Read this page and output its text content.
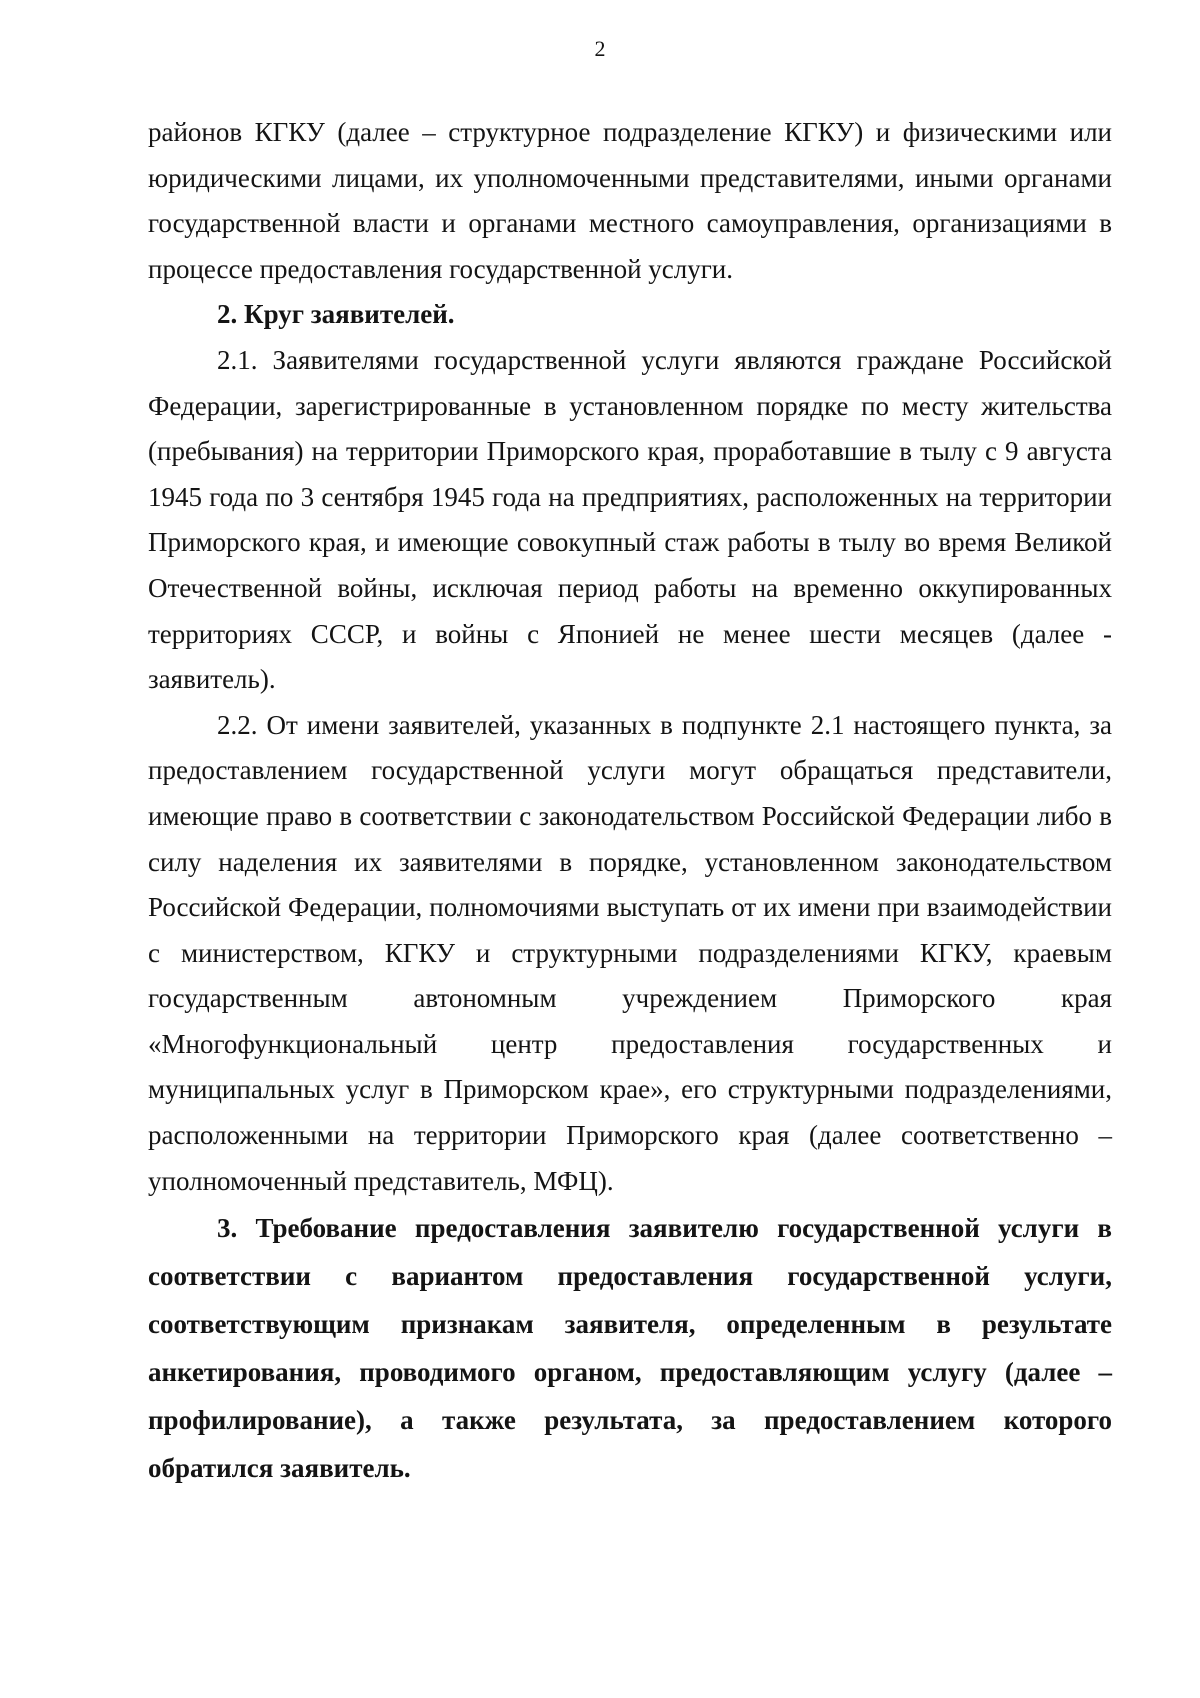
2

районов КГКУ (далее – структурное подразделение КГКУ) и физическими или юридическими лицами, их уполномоченными представителями, иными органами государственной власти и органами местного самоуправления, организациями в процессе предоставления государственной услуги.

2. Круг заявителей.

2.1. Заявителями государственной услуги являются граждане Российской Федерации, зарегистрированные в установленном порядке по месту жительства (пребывания) на территории Приморского края, проработавшие в тылу с 9 августа 1945 года по 3 сентября 1945 года на предприятиях, расположенных на территории Приморского края, и имеющие совокупный стаж работы в тылу во время Великой Отечественной войны, исключая период работы на временно оккупированных территориях СССР, и войны с Японией не менее шести месяцев (далее - заявитель).

2.2. От имени заявителей, указанных в подпункте 2.1 настоящего пункта, за предоставлением государственной услуги могут обращаться представители, имеющие право в соответствии с законодательством Российской Федерации либо в силу наделения их заявителями в порядке, установленном законодательством Российской Федерации, полномочиями выступать от их имени при взаимодействии с министерством, КГКУ и структурными подразделениями КГКУ, краевым государственным автономным учреждением Приморского края «Многофункциональный центр предоставления государственных и муниципальных услуг в Приморском крае», его структурными подразделениями, расположенными на территории Приморского края (далее соответственно – уполномоченный представитель, МФЦ).

3. Требование предоставления заявителю государственной услуги в соответствии с вариантом предоставления государственной услуги, соответствующим признакам заявителя, определенным в результате анкетирования, проводимого органом, предоставляющим услугу (далее – профилирование), а также результата, за предоставлением которого обратился заявитель.
